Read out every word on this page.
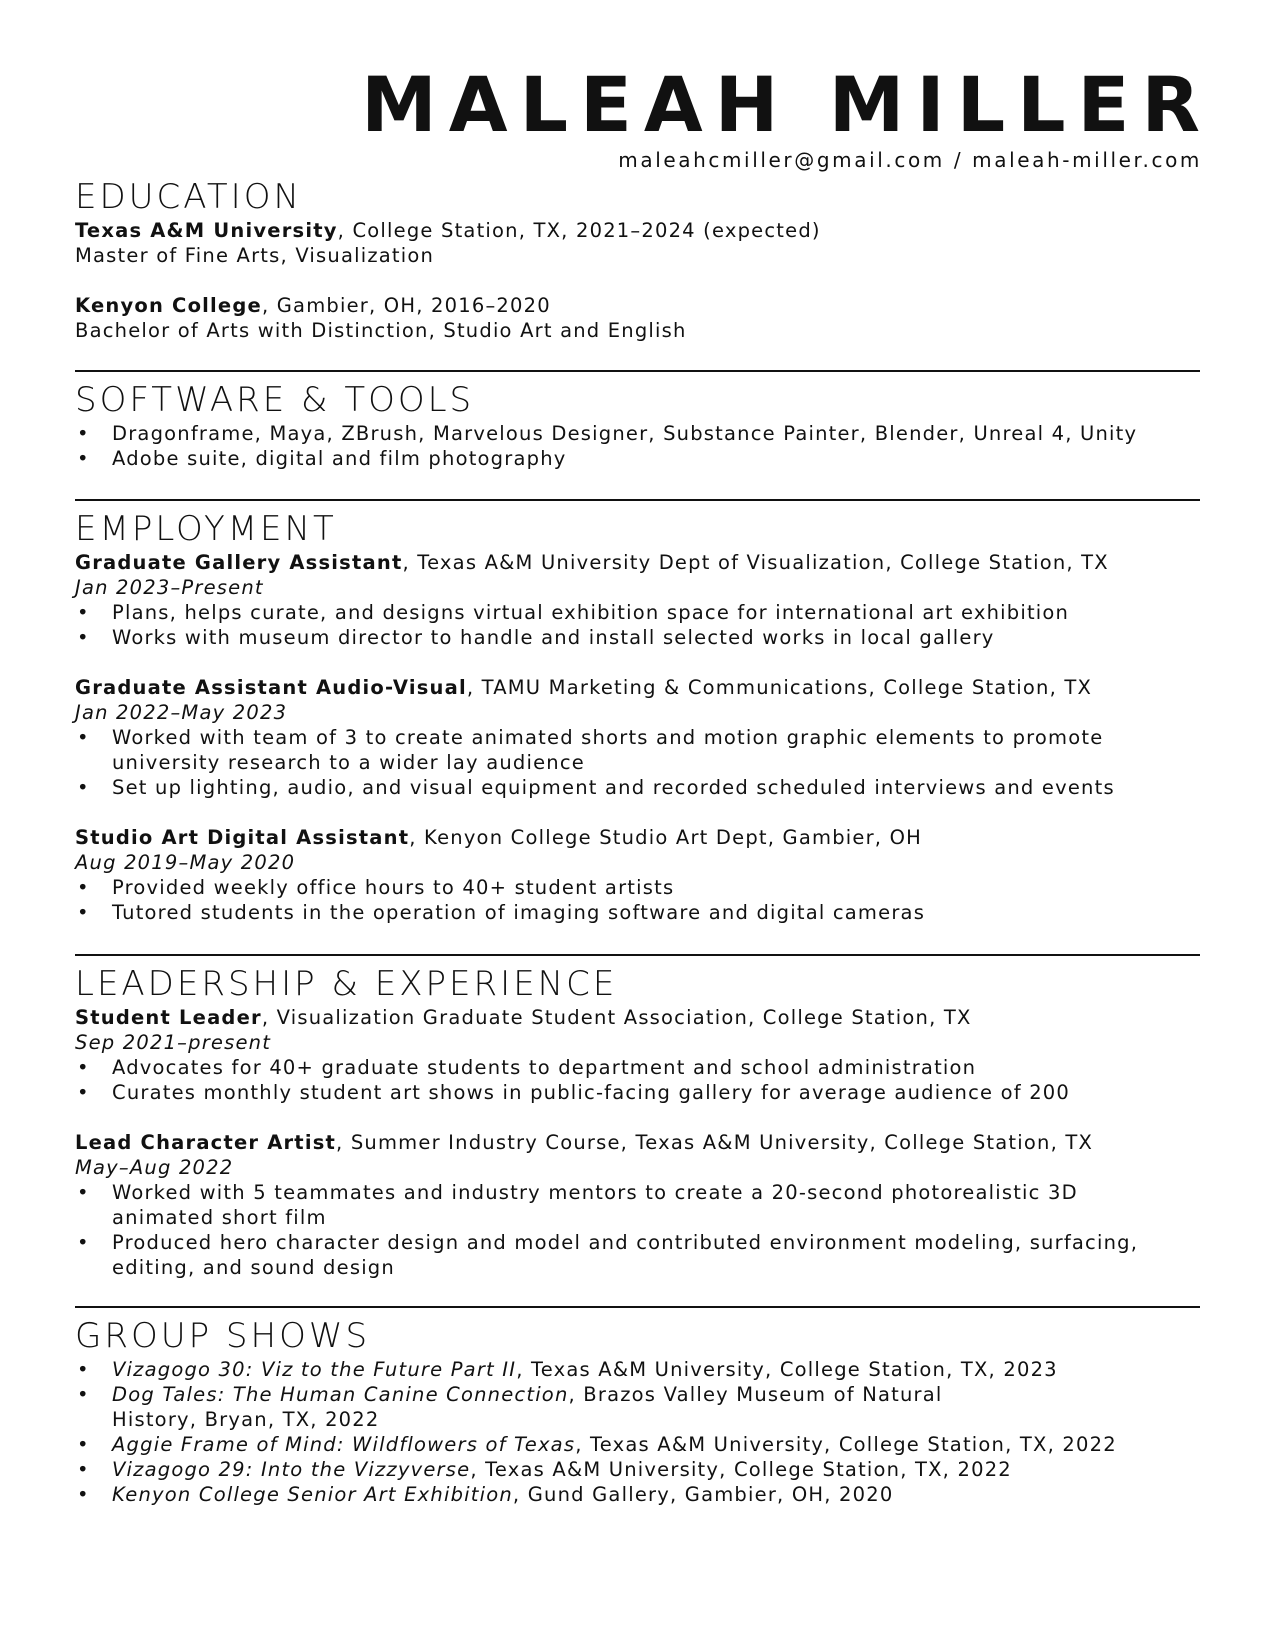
MALEAH MILLER
maleahcmiller@gmail.com / maleah-miller.com
EDUCATION
Texas A&M University, College Station, TX, 2021–2024 (expected)
Master of Fine Arts, Visualization
Kenyon College, Gambier, OH, 2016–2020
Bachelor of Arts with Distinction, Studio Art and English
SOFTWARE & TOOLS
• Dragonframe, Maya, ZBrush, Marvelous Designer, Substance Painter, Blender, Unreal 4, Unity
• Adobe suite, digital and film photography
EMPLOYMENT
Graduate Gallery Assistant, Texas A&M University Dept of Visualization, College Station, TX
Jan 2023–Present
• Plans, helps curate, and designs virtual exhibition space for international art exhibition
• Works with museum director to handle and install selected works in local gallery
Graduate Assistant Audio-Visual, TAMU Marketing & Communications, College Station, TX
Jan 2022–May 2023
• Worked with team of 3 to create animated shorts and motion graphic elements to promote university research to a wider lay audience
• Set up lighting, audio, and visual equipment and recorded scheduled interviews and events
Studio Art Digital Assistant, Kenyon College Studio Art Dept, Gambier, OH
Aug 2019–May 2020
• Provided weekly office hours to 40+ student artists
• Tutored students in the operation of imaging software and digital cameras
LEADERSHIP & EXPERIENCE
Student Leader, Visualization Graduate Student Association, College Station, TX
Sep 2021–present
• Advocates for 40+ graduate students to department and school administration
• Curates monthly student art shows in public-facing gallery for average audience of 200
Lead Character Artist, Summer Industry Course, Texas A&M University, College Station, TX
May–Aug 2022
• Worked with 5 teammates and industry mentors to create a 20-second photorealistic 3D animated short film
• Produced hero character design and model and contributed environment modeling, surfacing, editing, and sound design
GROUP SHOWS
• Vizagogo 30: Viz to the Future Part II, Texas A&M University, College Station, TX, 2023
• Dog Tales: The Human Canine Connection, Brazos Valley Museum of Natural History, Bryan, TX, 2022
• Aggie Frame of Mind: Wildflowers of Texas, Texas A&M University, College Station, TX, 2022
• Vizagogo 29: Into the Vizzyverse, Texas A&M University, College Station, TX, 2022
• Kenyon College Senior Art Exhibition, Gund Gallery, Gambier, OH, 2020
